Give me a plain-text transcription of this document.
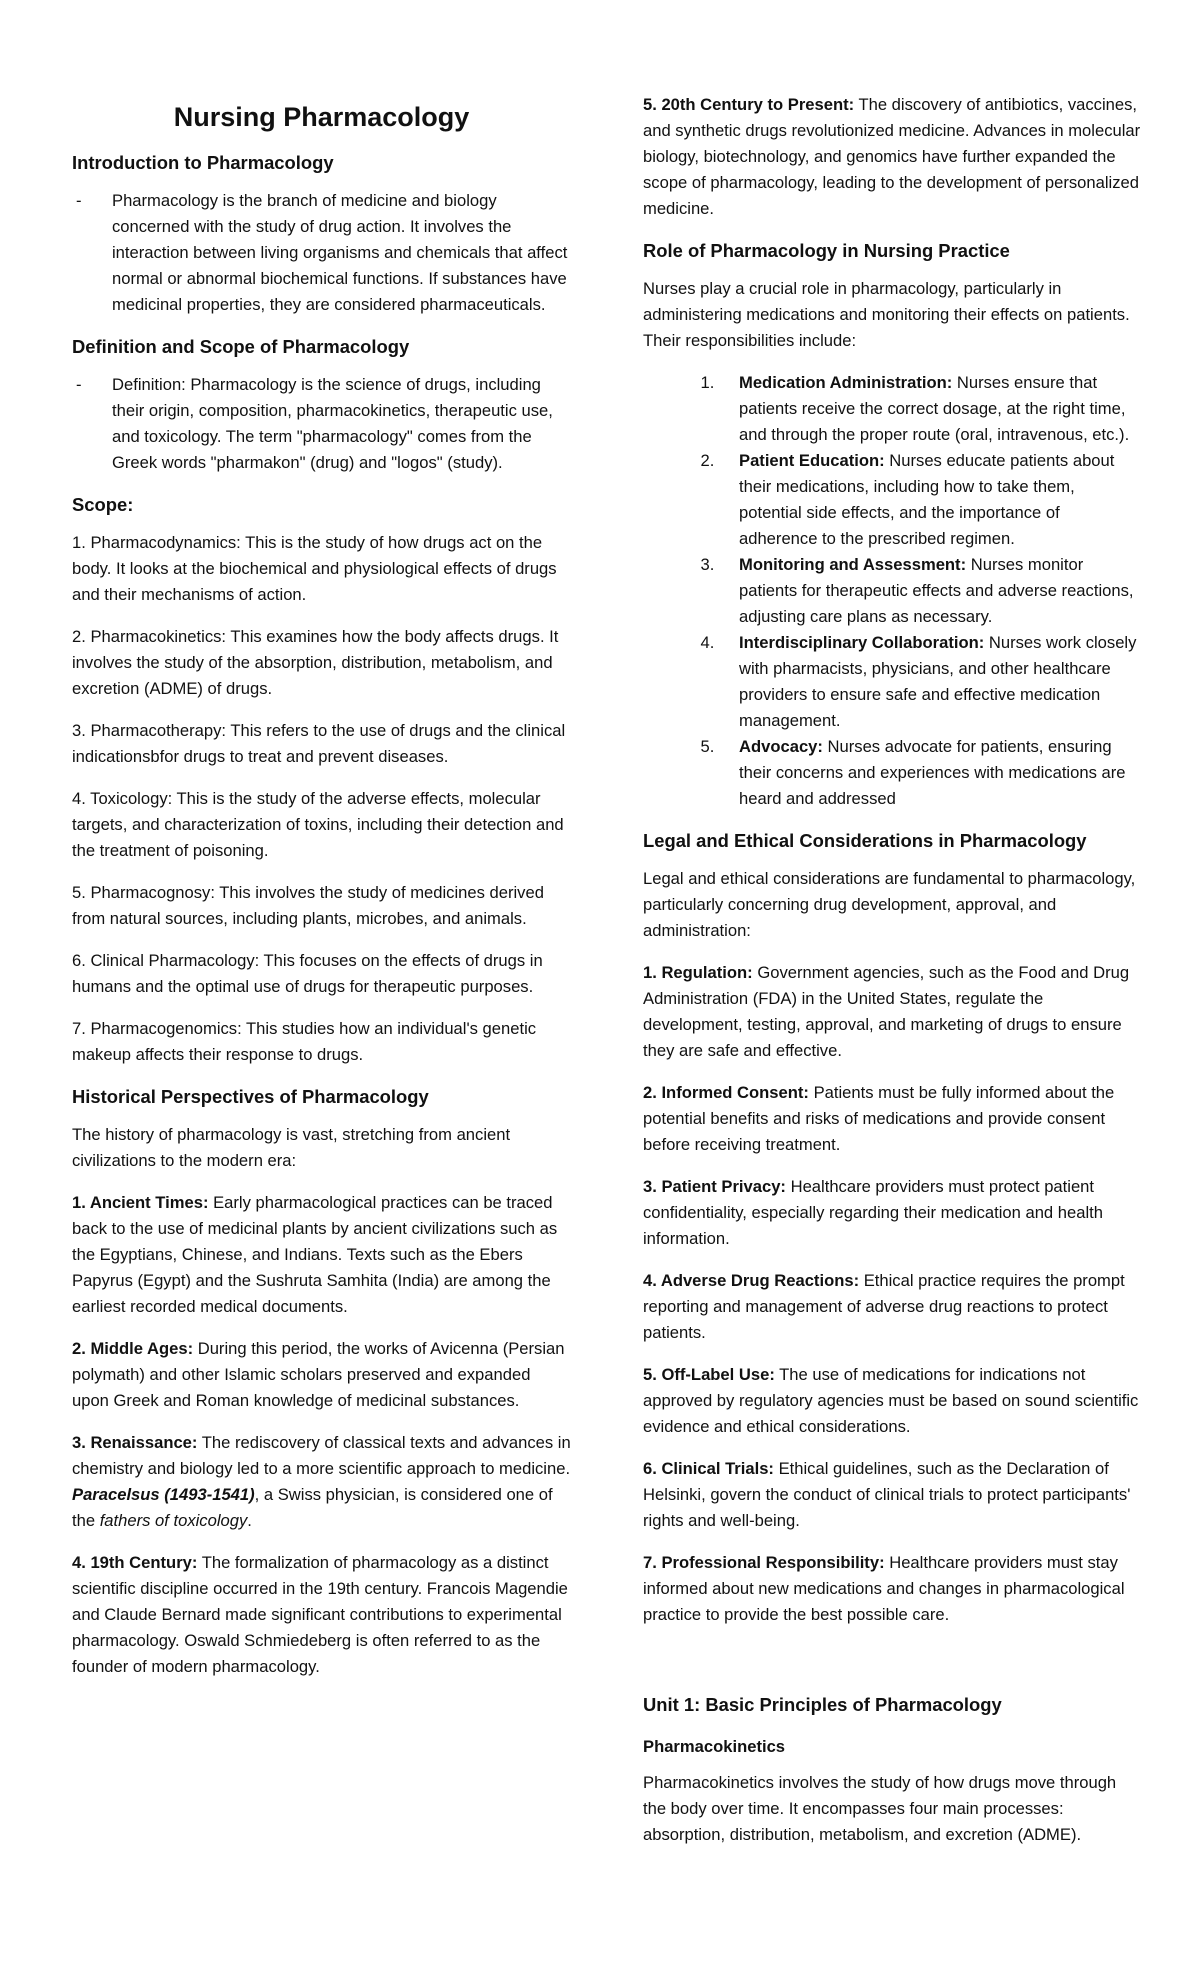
Nursing Pharmacology
Introduction to Pharmacology
- Pharmacology is the branch of medicine and biology concerned with the study of drug action. It involves the interaction between living organisms and chemicals that affect normal or abnormal biochemical functions. If substances have medicinal properties, they are considered pharmaceuticals.
Definition and Scope of Pharmacology
- Definition: Pharmacology is the science of drugs, including their origin, composition, pharmacokinetics, therapeutic use, and toxicology. The term "pharmacology" comes from the Greek words "pharmakon" (drug) and "logos" (study).
Scope:

1. Pharmacodynamics: This is the study of how drugs act on the body. It looks at the biochemical and physiological effects of drugs and their mechanisms of action.

2. Pharmacokinetics: This examines how the body affects drugs. It involves the study of the absorption, distribution, metabolism, and excretion (ADME) of drugs.

3. Pharmacotherapy: This refers to the use of drugs and the clinical indicationsbfor drugs to treat and prevent diseases.

4. Toxicology: This is the study of the adverse effects, molecular targets, and characterization of toxins, including their detection and the treatment of poisoning.

5. Pharmacognosy: This involves the study of medicines derived from natural sources, including plants, microbes, and animals.

6. Clinical Pharmacology: This focuses on the effects of drugs in humans and the optimal use of drugs for therapeutic purposes.

7. Pharmacogenomics: This studies how an individual's genetic makeup affects their response to drugs.

Historical Perspectives of Pharmacology

The history of pharmacology is vast, stretching from ancient civilizations to the modern era:

1. Ancient Times: Early pharmacological practices can be traced back to the use of medicinal plants by ancient civilizations such as the Egyptians, Chinese, and Indians. Texts such as the Ebers Papyrus (Egypt) and the Sushruta Samhita (India) are among the earliest recorded medical documents.

2. Middle Ages: During this period, the works of Avicenna (Persian polymath) and other Islamic scholars preserved and expanded upon Greek and Roman knowledge of medicinal substances.

3. Renaissance: The rediscovery of classical texts and advances in chemistry and biology led to a more scientific approach to medicine.
Paracelsus (1493-1541), a Swiss physician, is considered one of the fathers of toxicology.

4. 19th Century: The formalization of pharmacology as a distinct scientific discipline occurred in the 19th century. Francois Magendie and Claude Bernard made significant contributions to experimental pharmacology. Oswald Schmiedeberg is often referred to as the founder of modern pharmacology.

5. 20th Century to Present: The discovery of antibiotics, vaccines, and synthetic drugs revolutionized medicine. Advances in molecular biology, biotechnology, and genomics have further expanded the scope of pharmacology, leading to the development of personalized medicine.

Role of Pharmacology in Nursing Practice

Nurses play a crucial role in pharmacology, particularly in administering medications and monitoring their effects on patients. Their responsibilities include:

1. Medication Administration: Nurses ensure that patients receive the correct dosage, at the right time, and through the proper route (oral, intravenous, etc.).
2. Patient Education: Nurses educate patients about their medications, including how to take them, potential side effects, and the importance of adherence to the prescribed regimen.
3. Monitoring and Assessment: Nurses monitor patients for therapeutic effects and adverse reactions, adjusting care plans as necessary.
4. Interdisciplinary Collaboration: Nurses work closely with pharmacists, physicians, and other healthcare providers to ensure safe and effective medication management.
5. Advocacy: Nurses advocate for patients, ensuring their concerns and experiences with medications are heard and addressed
Legal and Ethical Considerations in Pharmacology

Legal and ethical considerations are fundamental to pharmacology, particularly concerning drug development, approval, and administration:

1. Regulation: Government agencies, such as the Food and Drug Administration (FDA) in the United States, regulate the development, testing, approval, and marketing of drugs to ensure they are safe and effective.

2. Informed Consent: Patients must be fully informed about the potential benefits and risks of medications and provide consent before receiving treatment.

3. Patient Privacy: Healthcare providers must protect patient confidentiality, especially regarding their medication and health information.

4. Adverse Drug Reactions: Ethical practice requires the prompt reporting and management of adverse drug reactions to protect patients.

5. Off-Label Use: The use of medications for indications not approved by regulatory agencies must be based on sound scientific evidence and ethical considerations.

6. Clinical Trials: Ethical guidelines, such as the Declaration of Helsinki, govern the conduct of clinical trials to protect participants' rights and well-being.

7. Professional Responsibility: Healthcare providers must stay informed about new medications and changes in pharmacological practice to provide the best possible care.

Unit 1: Basic Principles of Pharmacology
Pharmacokinetics

Pharmacokinetics involves the study of how drugs move through the body over time. It encompasses four main processes: absorption, distribution, metabolism, and excretion (ADME).
